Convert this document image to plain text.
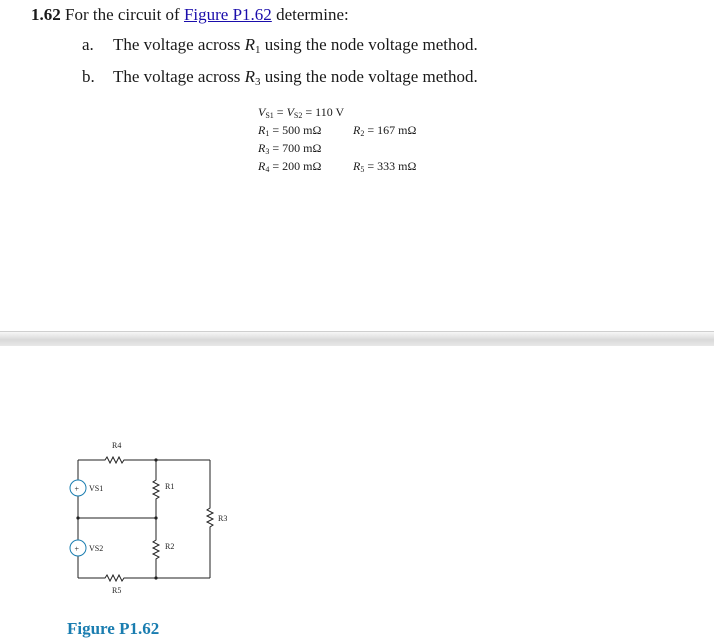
1.62 For the circuit of Figure P1.62 determine:
a. The voltage across $R_1$ using the node voltage method.
b. The voltage across $R_3$ using the node voltage method.
$V_{S1} = V_{S2} = 110$ V
$R_1 = 500$ mΩ	$R_2 = 167$ mΩ
$R_3 = 700$ mΩ
$R_4 = 200$ mΩ	$R_5 = 333$ mΩ
+
+
VS1
VS2
R4
R1
R2
R3
R5
Figure P1.62
